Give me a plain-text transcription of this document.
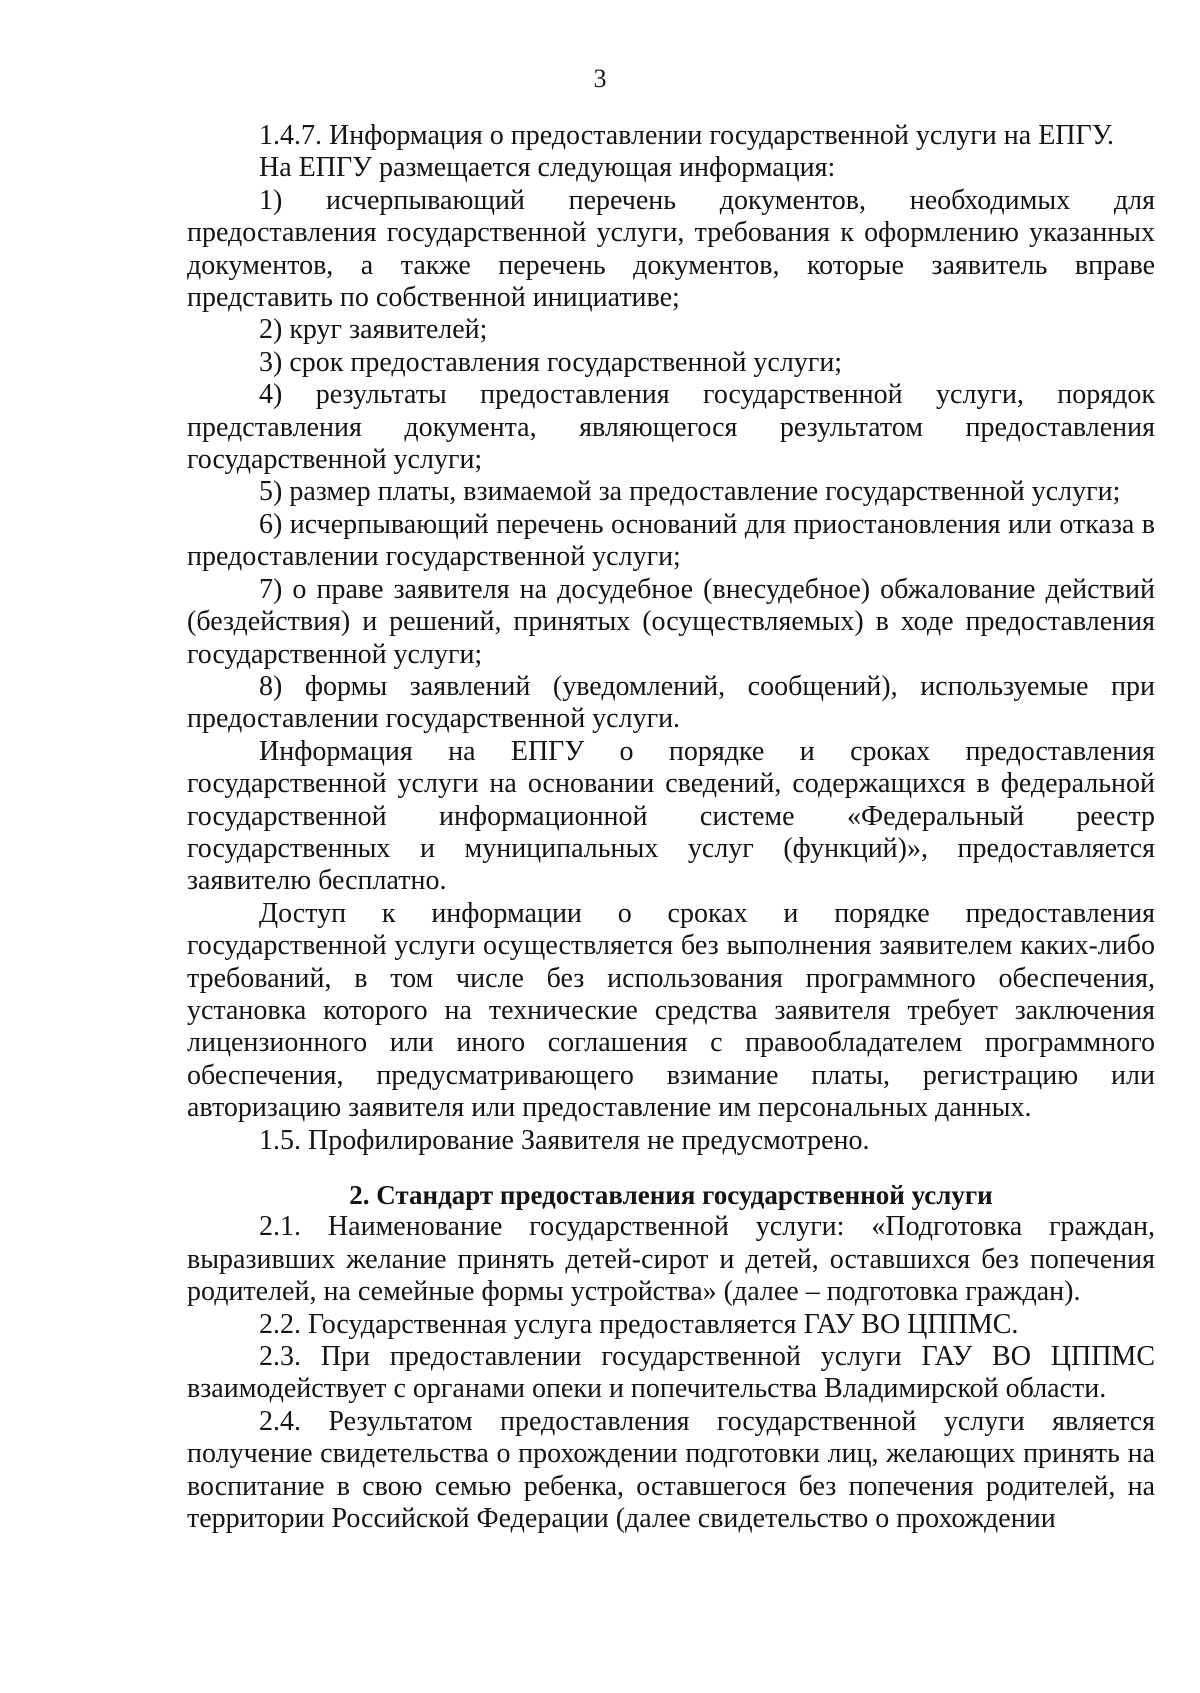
3

1.4.7. Информация о предоставлении государственной услуги на ЕПГУ.

На ЕПГУ размещается следующая информация:

1) исчерпывающий перечень документов, необходимых для предоставления государственной услуги, требования к оформлению указанных документов, а также перечень документов, которые заявитель вправе представить по собственной инициативе;

2) круг заявителей;

3) срок предоставления государственной услуги;

4) результаты предоставления государственной услуги, порядок представления документа, являющегося результатом предоставления государственной услуги;

5) размер платы, взимаемой за предоставление государственной услуги;

6) исчерпывающий перечень оснований для приостановления или отказа в предоставлении государственной услуги;

7) о праве заявителя на досудебное (внесудебное) обжалование действий (бездействия) и решений, принятых (осуществляемых) в ходе предоставления государственной услуги;

8) формы заявлений (уведомлений, сообщений), используемые при предоставлении государственной услуги.

Информация на ЕПГУ о порядке и сроках предоставления государственной услуги на основании сведений, содержащихся в федеральной государственной информационной системе «Федеральный реестр государственных и муниципальных услуг (функций)», предоставляется заявителю бесплатно.

Доступ к информации о сроках и порядке предоставления государственной услуги осуществляется без выполнения заявителем каких-либо требований, в том числе без использования программного обеспечения, установка которого на технические средства заявителя требует заключения лицензионного или иного соглашения с правообладателем программного обеспечения, предусматривающего взимание платы, регистрацию или авторизацию заявителя или предоставление им персональных данных.

1.5. Профилирование Заявителя не предусмотрено.

2. Стандарт предоставления государственной услуги

2.1. Наименование государственной услуги: «Подготовка граждан, выразивших желание принять детей-сирот и детей, оставшихся без попечения родителей, на семейные формы устройства» (далее – подготовка граждан).

2.2. Государственная услуга предоставляется ГАУ ВО ЦППМС.

2.3. При предоставлении государственной услуги ГАУ ВО ЦППМС взаимодействует с органами опеки и попечительства Владимирской области.

2.4. Результатом предоставления государственной услуги является получение свидетельства о прохождении подготовки лиц, желающих принять на воспитание в свою семью ребенка, оставшегося без попечения родителей, на территории Российской Федерации (далее свидетельство о прохождении
